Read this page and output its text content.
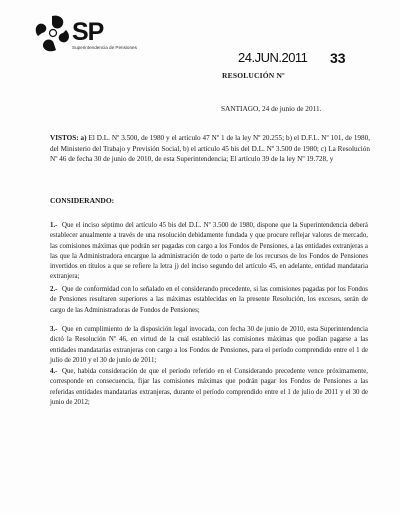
SP
Superintendencia de Pensiones
24.JUN.2011 33
RESOLUCIÓN Nº
SANTIAGO, 24 de junio de 2011.
VISTOS: a) El D.L. Nº 3.500, de 1980 y el artículo 47 Nº 1 de la ley Nº 20.255; b) el D.F.L. Nº 101, de 1980, del Ministerio del Trabajo y Previsión Social, b) el artículo 45 bis del D.L. Nº 3.500 de 1980; c) La Resolución Nº 46 de fecha 30 de junio de 2010, de esta Superintendencia; El artículo 39 de la ley Nº 19.728, y
CONSIDERANDO:
1.- Que el inciso séptimo del artículo 45 bis del D.L. Nº 3.500 de 1980, dispone que la Superintendencia deberá establecer anualmente a través de una resolución debidamente fundada y que procure reflejar valores de mercado, las comisiones máximas que podrán ser pagadas con cargo a los Fondos de Pensiones, a las entidades extranjeras a las que la Administradora encargue la administración de todo o parte de los recursos de los Fondos de Pensiones invertidos en títulos a que se refiere la letra j) del inciso segundo del artículo 45, en adelante, entidad mandataria extranjera;
2.- Que de conformidad con lo señalado en el considerando precedente, si las comisiones pagadas por los Fondos de Pensiones resultaren superiores a las máximas establecidas en la presente Resolución, los excesos, serán de cargo de las Administradoras de Fondos de Pensiones;
3.- Que en cumplimiento de la disposición legal invocada, con fecha 30 de junio de 2010, esta Superintendencia dictó la Resolución Nº 46, en virtud de la cual estableció las comisiones máximas que podían pagarse a las entidades mandatarias extranjeras con cargo a los Fondos de Pensiones, para el período comprendido entre el 1 de julio de 2010 y el 30 de junio de 2011;
4.- Que, habida consideración de que el período referido en el Considerando precedente vence próximamente, corresponde en consecuencia, fijar las comisiones máximas que podrán pagar los Fondos de Pensiones a las referidas entidades mandatarias extranjeras, durante el período comprendido entre el 1 de julio de 2011 y el 30 de junio de 2012;
